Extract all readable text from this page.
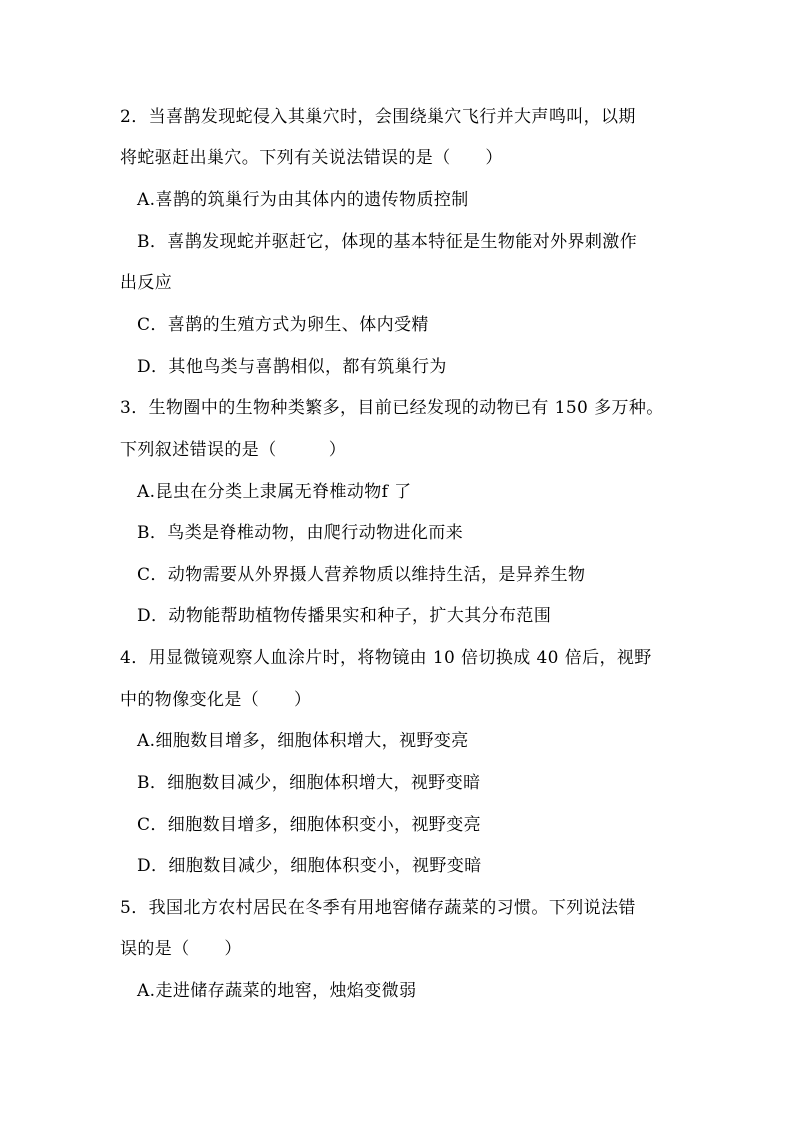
2．当喜鹊发现蛇侵入其巢穴时，会围绕巢穴飞行并大声鸣叫，以期
将蛇驱赶出巢穴。下列有关说法错误的是（　　）
A.喜鹊的筑巢行为由其体内的遗传物质控制
B．喜鹊发现蛇并驱赶它，体现的基本特征是生物能对外界刺激作
出反应
C．喜鹊的生殖方式为卵生、体内受精
D．其他鸟类与喜鹊相似，都有筑巢行为
3．生物圈中的生物种类繁多，目前已经发现的动物已有 150 多万种。
下列叙述错误的是（　　　）
A.昆虫在分类上隶属无脊椎动物f 了
B．鸟类是脊椎动物，由爬行动物进化而来
C．动物需要从外界摄人营养物质以维持生活，是异养生物
D．动物能帮助植物传播果实和种子，扩大其分布范围
4．用显微镜观察人血涂片时，将物镜由 10 倍切换成 40 倍后，视野
中的物像变化是（　　）
A.细胞数目增多，细胞体积增大，视野变亮
B．细胞数目减少，细胞体积增大，视野变暗
C．细胞数目增多，细胞体积变小，视野变亮
D．细胞数目减少，细胞体积变小，视野变暗
5．我国北方农村居民在冬季有用地窖储存蔬菜的习惯。下列说法错
误的是（　　）
A.走进储存蔬菜的地窖，烛焰变微弱
